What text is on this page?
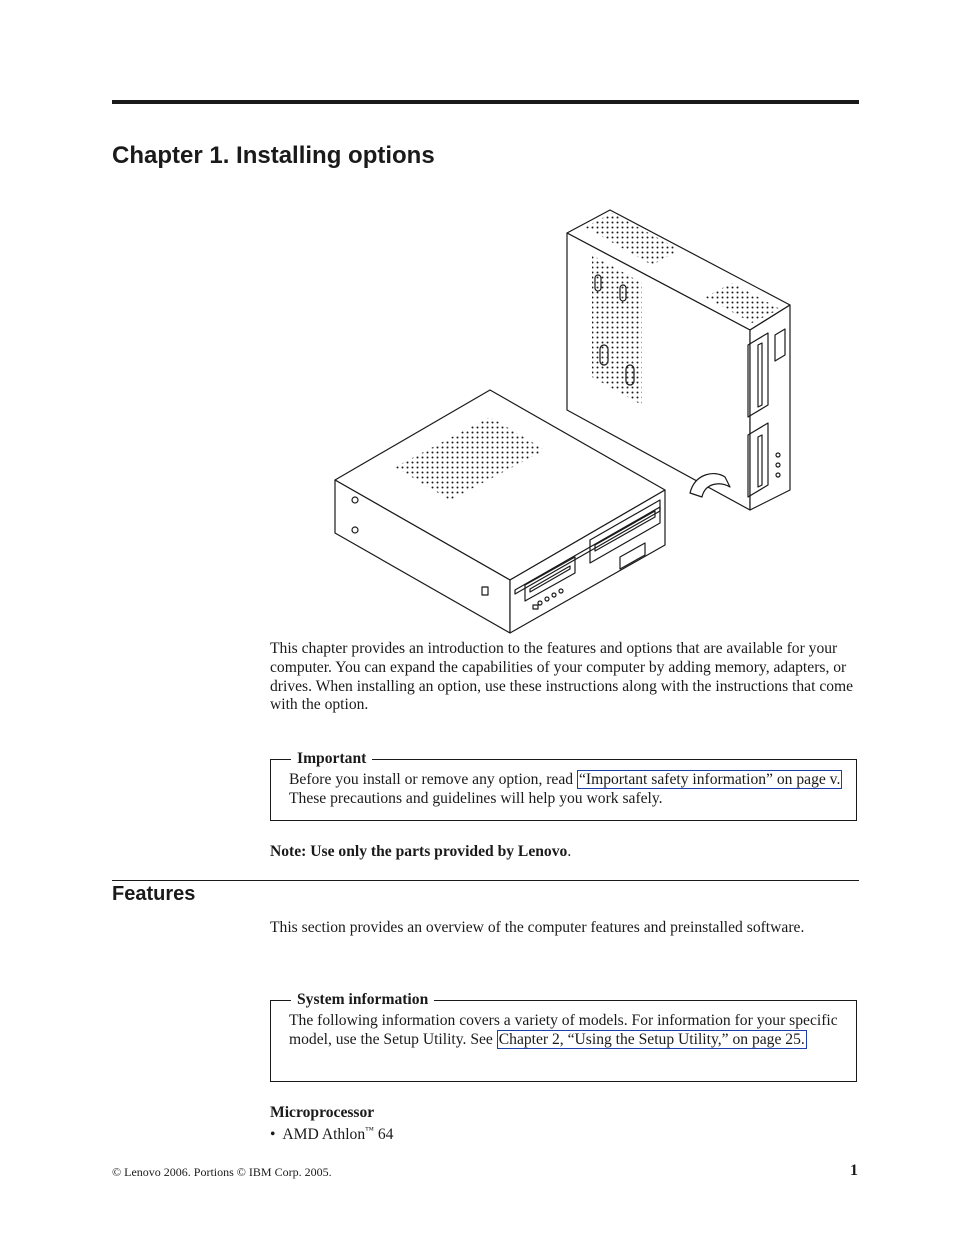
Chapter 1. Installing options

This chapter provides an introduction to the features and options that are available for your computer. You can expand the capabilities of your computer by adding memory, adapters, or drives. When installing an option, use these instructions along with the instructions that come with the option.

Important
Before you install or remove any option, read “Important safety information” on page v. These precautions and guidelines will help you work safely.

Note: Use only the parts provided by Lenovo.

Features

This section provides an overview of the computer features and preinstalled software.

System information
The following information covers a variety of models. For information for your specific model, use the Setup Utility. See Chapter 2, “Using the Setup Utility,” on page 25.

Microprocessor

• AMD Athlon™ 64

© Lenovo 2006. Portions © IBM Corp. 2005.	1
